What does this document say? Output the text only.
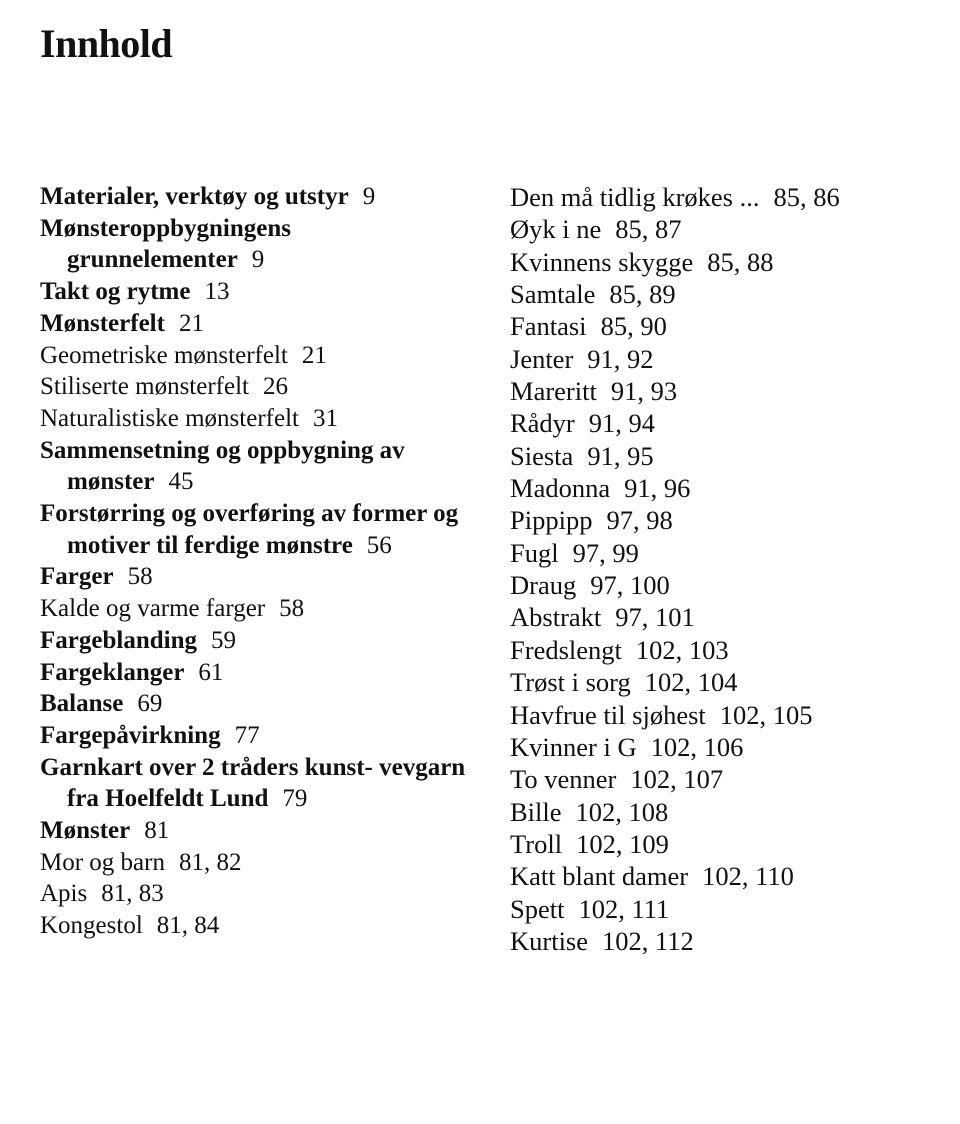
Innhold
Materialer, verktøy og utstyr 9
Mønsteroppbygningens grunnelementer 9
Takt og rytme 13
Mønsterfelt 21
Geometriske mønsterfelt 21
Stiliserte mønsterfelt 26
Naturalistiske mønsterfelt 31
Sammensetning og oppbygning av mønster 45
Forstørring og overføring av former og motiver til ferdige mønstre 56
Farger 58
Kalde og varme farger 58
Fargeblanding 59
Fargeklanger 61
Balanse 69
Fargepåvirkning 77
Garnkart over 2 tråders kunst- vevgarn fra Hoelfeldt Lund 79
Mønster 81
Mor og barn 81, 82
Apis 81, 83
Kongestol 81, 84
Den må tidlig krøkes ... 85, 86
Øyk i ne 85, 87
Kvinnens skygge 85, 88
Samtale 85, 89
Fantasi 85, 90
Jenter 91, 92
Mareritt 91, 93
Rådyr 91, 94
Siesta 91, 95
Madonna 91, 96
Pippipp 97, 98
Fugl 97, 99
Draug 97, 100
Abstrakt 97, 101
Fredslengt 102, 103
Trøst i sorg 102, 104
Havfrue til sjøhest 102, 105
Kvinner i G 102, 106
To venner 102, 107
Bille 102, 108
Troll 102, 109
Katt blant damer 102, 110
Spett 102, 111
Kurtise 102, 112
